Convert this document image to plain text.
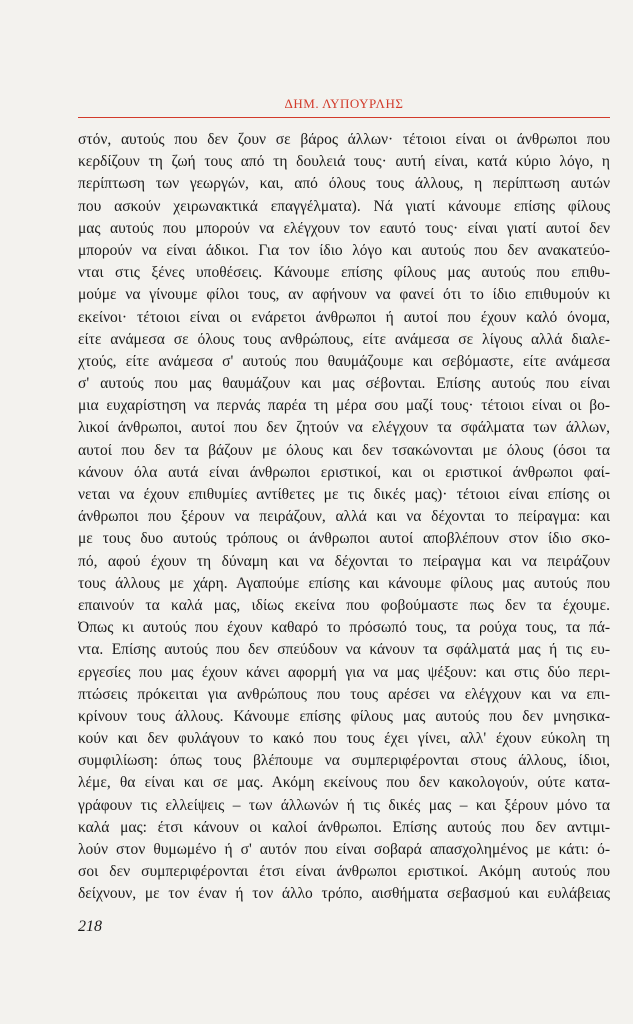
ΔΗΜ. ΛΥΠΟΥΡΛΗΣ
στόν, αυτούς που δεν ζουν σε βάρος άλλων· τέτοιοι είναι οι άνθρωποι που
κερδίζουν τη ζωή τους από τη δουλειά τους· αυτή είναι, κατά κύριο λόγο, η
περίπτωση των γεωργών, και, από όλους τους άλλους, η περίπτωση αυτών
που ασκούν χειρωνακτικά επαγγέλματα). Νά γιατί κάνουμε επίσης φίλους
μας αυτούς που μπορούν να ελέγχουν τον εαυτό τους· είναι γιατί αυτοί δεν
μπορούν να είναι άδικοι. Για τον ίδιο λόγο και αυτούς που δεν ανακατεύο-
νται στις ξένες υποθέσεις. Κάνουμε επίσης φίλους μας αυτούς που επιθυ-
μούμε να γίνουμε φίλοι τους, αν αφήνουν να φανεί ότι το ίδιο επιθυμούν κι
εκείνοι· τέτοιοι είναι οι ενάρετοι άνθρωποι ή αυτοί που έχουν καλό όνομα,
είτε ανάμεσα σε όλους τους ανθρώπους, είτε ανάμεσα σε λίγους αλλά διαλε-
χτούς, είτε ανάμεσα σ' αυτούς που θαυμάζουμε και σεβόμαστε, είτε ανάμεσα
σ' αυτούς που μας θαυμάζουν και μας σέβονται. Επίσης αυτούς που είναι
μια ευχαρίστηση να περνάς παρέα τη μέρα σου μαζί τους· τέτοιοι είναι οι βο-
λικοί άνθρωποι, αυτοί που δεν ζητούν να ελέγχουν τα σφάλματα των άλλων,
αυτοί που δεν τα βάζουν με όλους και δεν τσακώνονται με όλους (όσοι τα
κάνουν όλα αυτά είναι άνθρωποι εριστικοί, και οι εριστικοί άνθρωποι φαί-
νεται να έχουν επιθυμίες αντίθετες με τις δικές μας)· τέτοιοι είναι επίσης οι
άνθρωποι που ξέρουν να πειράζουν, αλλά και να δέχονται το πείραγμα: και
με τους δυο αυτούς τρόπους οι άνθρωποι αυτοί αποβλέπουν στον ίδιο σκο-
πό, αφού έχουν τη δύναμη και να δέχονται το πείραγμα και να πειράζουν
τους άλλους με χάρη. Αγαπούμε επίσης και κάνουμε φίλους μας αυτούς που
επαινούν τα καλά μας, ιδίως εκείνα που φοβούμαστε πως δεν τα έχουμε.
Όπως κι αυτούς που έχουν καθαρό το πρόσωπό τους, τα ρούχα τους, τα πά-
ντα. Επίσης αυτούς που δεν σπεύδουν να κάνουν τα σφάλματά μας ή τις ευ-
εργεσίες που μας έχουν κάνει αφορμή για να μας ψέξουν: και στις δύο περι-
πτώσεις πρόκειται για ανθρώπους που τους αρέσει να ελέγχουν και να επι-
κρίνουν τους άλλους. Κάνουμε επίσης φίλους μας αυτούς που δεν μνησικα-
κούν και δεν φυλάγουν το κακό που τους έχει γίνει, αλλ' έχουν εύκολη τη
συμφιλίωση: όπως τους βλέπουμε να συμπεριφέρονται στους άλλους, ίδιοι,
λέμε, θα είναι και σε μας. Ακόμη εκείνους που δεν κακολογούν, ούτε κατα-
γράφουν τις ελλείψεις – των άλλωνών ή τις δικές μας – και ξέρουν μόνο τα
καλά μας: έτσι κάνουν οι καλοί άνθρωποι. Επίσης αυτούς που δεν αντιμι-
λούν στον θυμωμένο ή σ' αυτόν που είναι σοβαρά απασχολημένος με κάτι: ό-
σοι δεν συμπεριφέρονται έτσι είναι άνθρωποι εριστικοί. Ακόμη αυτούς που
δείχνουν, με τον έναν ή τον άλλο τρόπο, αισθήματα σεβασμού και ευλάβειας
218
